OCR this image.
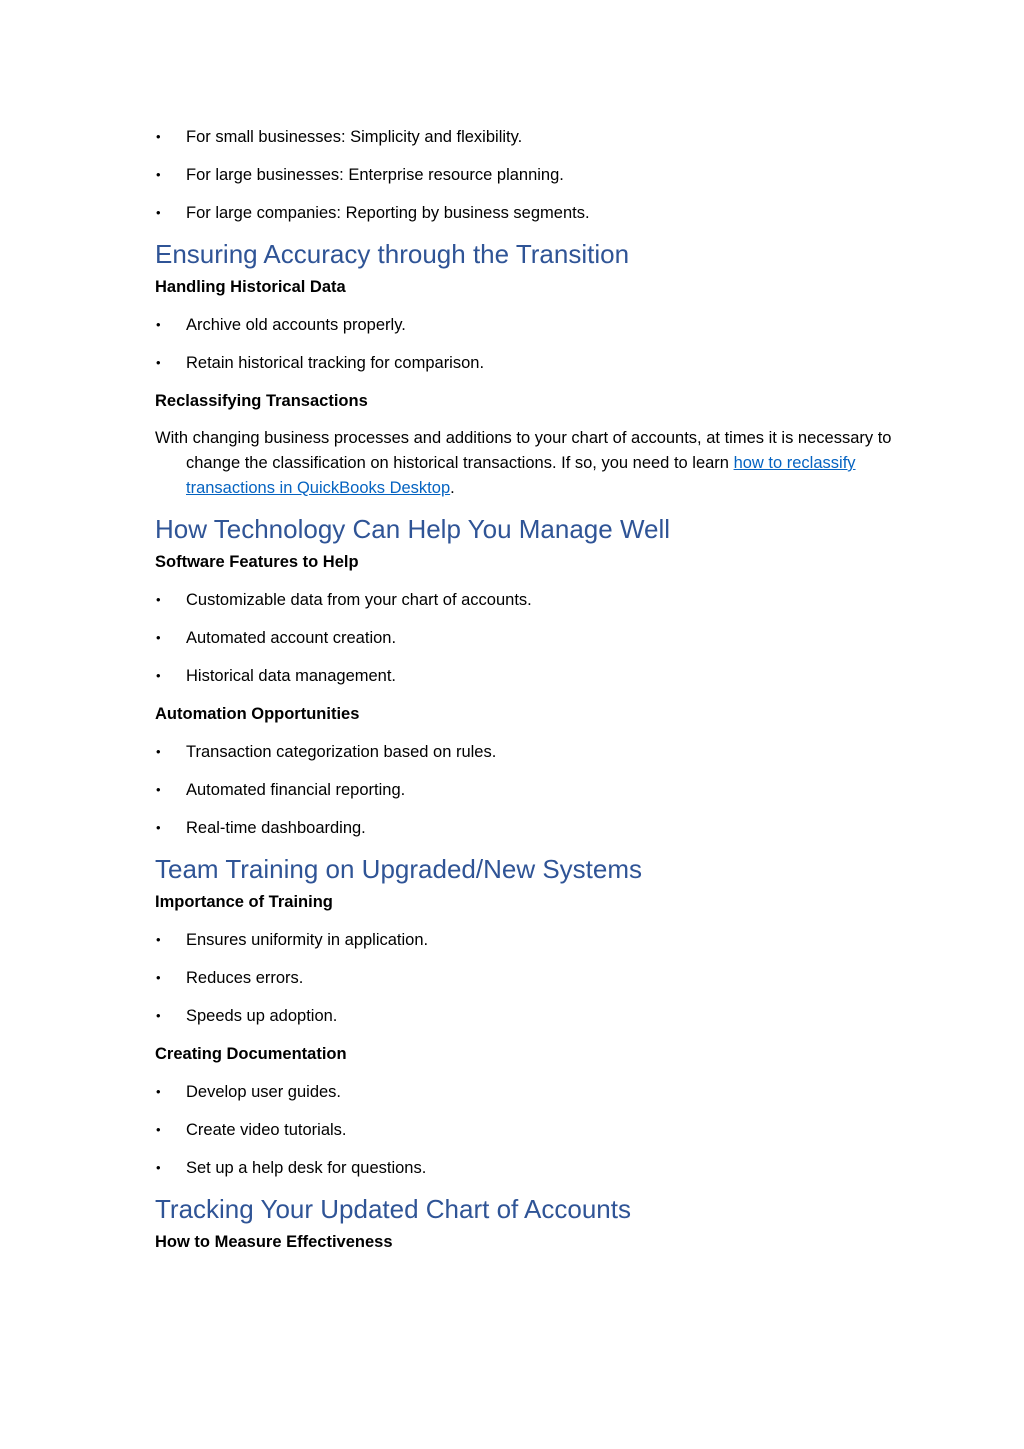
• For small businesses: Simplicity and flexibility.
• For large businesses: Enterprise resource planning.
• For large companies: Reporting by business segments.
Ensuring Accuracy through the Transition
Handling Historical Data
• Archive old accounts properly.
• Retain historical tracking for comparison.
Reclassifying Transactions

With changing business processes and additions to your chart of accounts, at times it is necessary to change the classification on historical transactions. If so, you need to learn how to reclassify transactions in QuickBooks Desktop.

How Technology Can Help You Manage Well
Software Features to Help
• Customizable data from your chart of accounts.
• Automated account creation.
• Historical data management.
Automation Opportunities
• Transaction categorization based on rules.
• Automated financial reporting.
• Real-time dashboarding.
Team Training on Upgraded/New Systems
Importance of Training
• Ensures uniformity in application.
• Reduces errors.
• Speeds up adoption.
Creating Documentation
• Develop user guides.
• Create video tutorials.
• Set up a help desk for questions.
Tracking Your Updated Chart of Accounts
How to Measure Effectiveness
